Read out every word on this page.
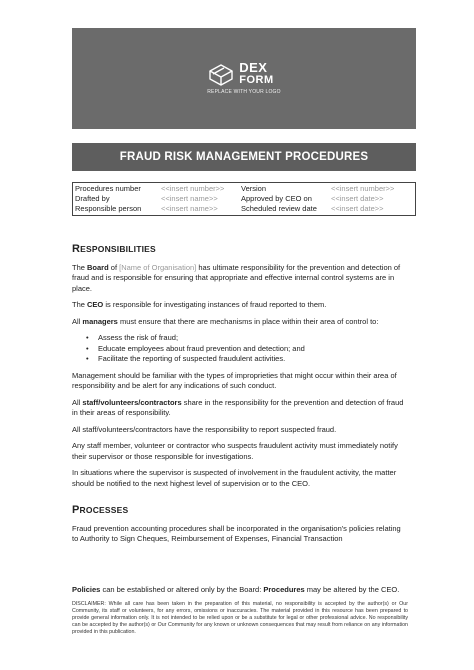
DEX
FORM
REPLACE WITH YOUR LOGO
FRAUD RISK MANAGEMENT PROCEDURES
Procedures number	<<insert number>>	Version	<<insert number>>
Drafted by	<<insert name>>	Approved by CEO on	<<insert date>>
Responsible person	<<insert name>>	Scheduled review date	<<insert date>>
RESPONSIBILITIES

The Board of [Name of Organisation] has ultimate responsibility for the prevention and detection of fraud and is responsible for ensuring that appropriate and effective internal control systems are in place.

The CEO is responsible for investigating instances of fraud reported to them.

All managers must ensure that there are mechanisms in place within their area of control to:

• Assess the risk of fraud;
• Educate employees about fraud prevention and detection; and
• Facilitate the reporting of suspected fraudulent activities.

Management should be familiar with the types of improprieties that might occur within their area of responsibility and be alert for any indications of such conduct.

All staff/volunteers/contractors share in the responsibility for the prevention and detection of fraud in their areas of responsibility.

All staff/volunteers/contractors have the responsibility to report suspected fraud.

Any staff member, volunteer or contractor who suspects fraudulent activity must immediately notify their supervisor or those responsible for investigations.

In situations where the supervisor is suspected of involvement in the fraudulent activity, the matter should be notified to the next highest level of supervision or to the CEO.

PROCESSES

Fraud prevention accounting procedures shall be incorporated in the organisation's policies relating to Authority to Sign Cheques, Reimbursement of Expenses, Financial Transaction

Policies can be established or altered only by the Board: Procedures may be altered by the CEO.

DISCLAIMER: While all care has been taken in the preparation of this material, no responsibility is accepted by the author(s) or Our Community, its staff or volunteers, for any errors, omissions or inaccuracies. The material provided in this resource has been prepared to provide general information only. It is not intended to be relied upon or be a substitute for legal or other professional advice. No responsibility can be accepted by the author(s) or Our Community for any known or unknown consequences that may result from reliance on any information provided in this publication.
